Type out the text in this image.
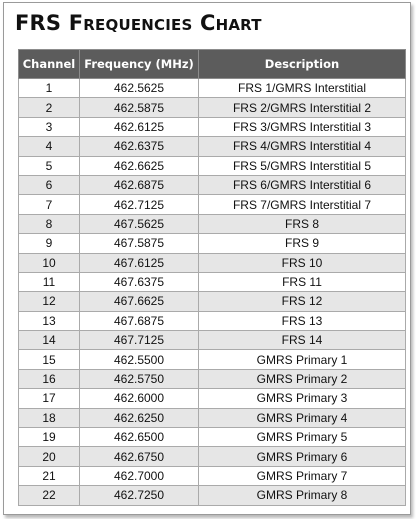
FRS Frequencies Chart
Channel	Frequency (MHz)	Description
1	462.5625	FRS 1/GMRS Interstitial
2	462.5875	FRS 2/GMRS Interstitial 2
3	462.6125	FRS 3/GMRS Interstitial 3
4	462.6375	FRS 4/GMRS Interstitial 4
5	462.6625	FRS 5/GMRS Interstitial 5
6	462.6875	FRS 6/GMRS Interstitial 6
7	462.7125	FRS 7/GMRS Interstitial 7
8	467.5625	FRS 8
9	467.5875	FRS 9
10	467.6125	FRS 10
11	467.6375	FRS 11
12	467.6625	FRS 12
13	467.6875	FRS 13
14	467.7125	FRS 14
15	462.5500	GMRS Primary 1
16	462.5750	GMRS Primary 2
17	462.6000	GMRS Primary 3
18	462.6250	GMRS Primary 4
19	462.6500	GMRS Primary 5
20	462.6750	GMRS Primary 6
21	462.7000	GMRS Primary 7
22	462.7250	GMRS Primary 8
